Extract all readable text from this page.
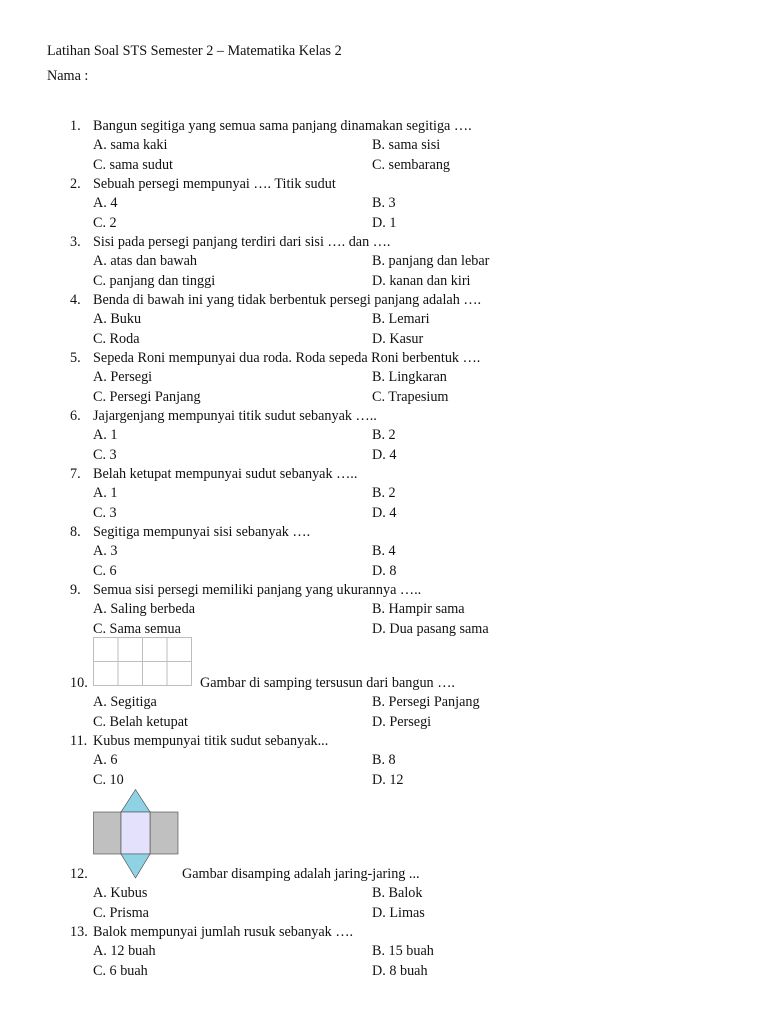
Latihan Soal STS Semester 2 – Matematika Kelas 2
Nama :
1. Bangun segitiga yang semua sama panjang dinamakan segitiga ….
A. sama kaki	B. sama sisi
C. sama sudut	C. sembarang
2. Sebuah persegi mempunyai …. Titik sudut
A. 4	B. 3
C. 2	D. 1
3. Sisi pada persegi panjang terdiri dari sisi …. dan ….
A. atas dan bawah	B. panjang dan lebar
C. panjang dan tinggi	D. kanan dan kiri
4. Benda di bawah ini yang tidak berbentuk persegi panjang adalah ….
A. Buku	B. Lemari
C. Roda	D. Kasur
5. Sepeda Roni mempunyai dua roda. Roda sepeda Roni berbentuk ….
A. Persegi	B. Lingkaran
C. Persegi Panjang	C. Trapesium
6. Jajargenjang mempunyai titik sudut sebanyak …..
A. 1	B. 2
C. 3	D. 4
7. Belah ketupat mempunyai sudut sebanyak …..
A. 1	B. 2
C. 3	D. 4
8. Segitiga mempunyai sisi sebanyak ….
A. 3	B. 4
C. 6	D. 8
9. Semua sisi persegi memiliki panjang yang ukurannya …..
A. Saling berbeda	B. Hampir sama
C. Sama semua	D. Dua pasang sama
10.	Gambar di samping tersusun dari bangun ….
A. Segitiga	B. Persegi Panjang
C. Belah ketupat	D. Persegi
11. Kubus mempunyai titik sudut sebanyak...
A. 6	B. 8
C. 10	D. 12
12.	Gambar disamping adalah jaring-jaring ...
A. Kubus	B. Balok
C. Prisma	D. Limas
13. Balok mempunyai jumlah rusuk sebanyak ….
A. 12 buah	B. 15 buah
C. 6 buah	D. 8 buah
